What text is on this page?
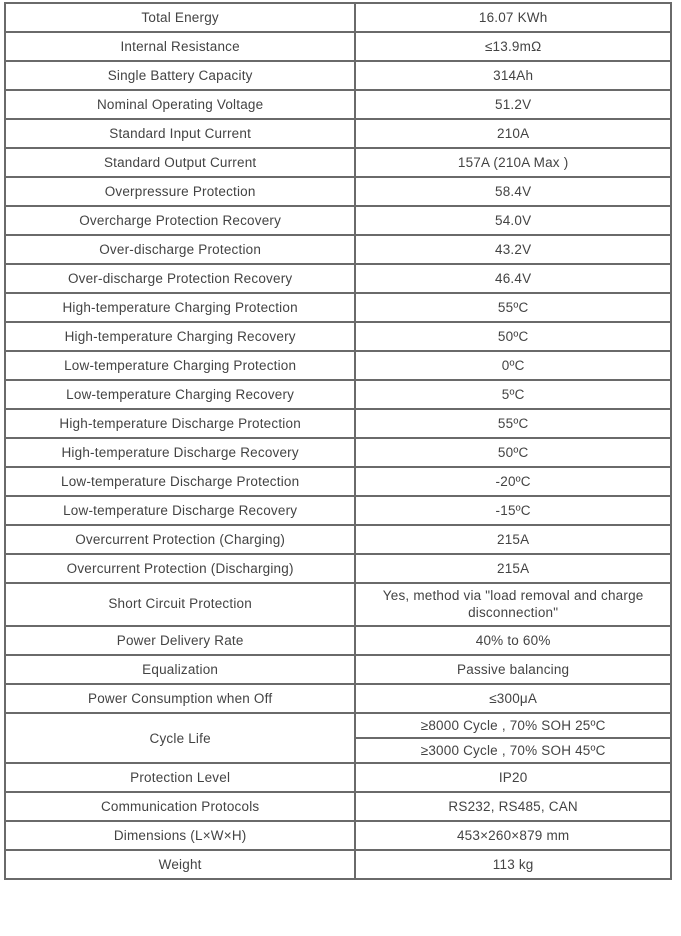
Total Energy	16.07 KWh
Internal Resistance	≤13.9mΩ
Single Battery Capacity	314Ah
Nominal Operating Voltage	51.2V
Standard Input Current	210A
Standard Output Current	157A (210A Max )
Overpressure Protection	58.4V
Overcharge Protection Recovery	54.0V
Over-discharge Protection	43.2V
Over-discharge Protection Recovery	46.4V
High-temperature Charging Protection	55ºC
High-temperature Charging Recovery	50ºC
Low-temperature Charging Protection	0ºC
Low-temperature Charging Recovery	5ºC
High-temperature Discharge Protection	55ºC
High-temperature Discharge Recovery	50ºC
Low-temperature Discharge Protection	-20ºC
Low-temperature Discharge Recovery	-15ºC
Overcurrent Protection (Charging)	215A
Overcurrent Protection (Discharging)	215A
Short Circuit Protection	Yes, method via "load removal and charge disconnection"
Power Delivery Rate	40% to 60%
Equalization	Passive balancing
Power Consumption when Off	≤300μA
Cycle Life	≥8000 Cycle , 70% SOH 25ºC
	≥3000 Cycle , 70% SOH 45ºC
Protection Level	IP20
Communication Protocols	RS232, RS485, CAN
Dimensions (L×W×H)	453×260×879 mm
Weight	113 kg
